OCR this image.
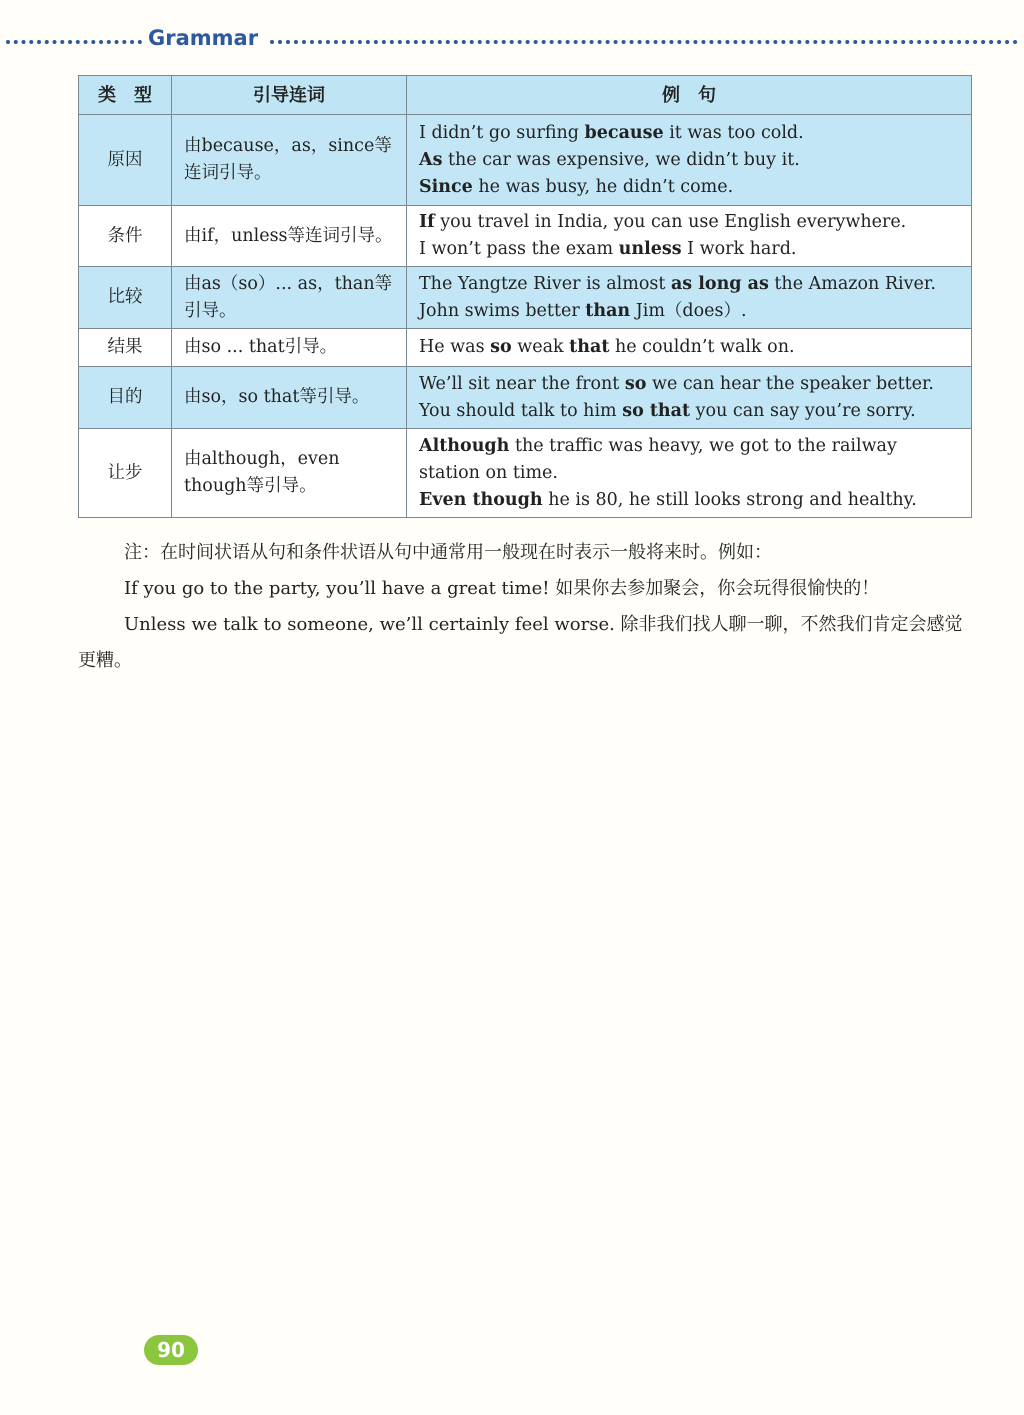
Grammar
类　型	引导连词	例　句
原因	由because，as，since等连词引导。	I didn’t go surfing because it was too cold.
As the car was expensive, we didn’t buy it.
Since he was busy, he didn’t come.

条件	由if，unless等连词引导。	If you travel in India, you can use English everywhere.
I won’t pass the exam unless I work hard.

比较	由as（so）... as，than等引导。	The Yangtze River is almost as long as the Amazon River.
John swims better than Jim（does）.

结果	由so ... that引导。	He was so weak that he couldn’t walk on.

目的	由so，so that等引导。	We’ll sit near the front so we can hear the speaker better.
You should talk to him so that you can say you’re sorry.

让步	由although，even though等引导。	Although the traffic was heavy, we got to the railway station on time.
Even though he is 80, he still looks strong and healthy.

注：在时间状语从句和条件状语从句中通常用一般现在时表示一般将来时。例如：

If you go to the party, you’ll have a great time! 如果你去参加聚会，你会玩得很愉快的！

Unless we talk to someone, we’ll certainly feel worse. 除非我们找人聊一聊，不然我们肯定会感觉更糟。

90
